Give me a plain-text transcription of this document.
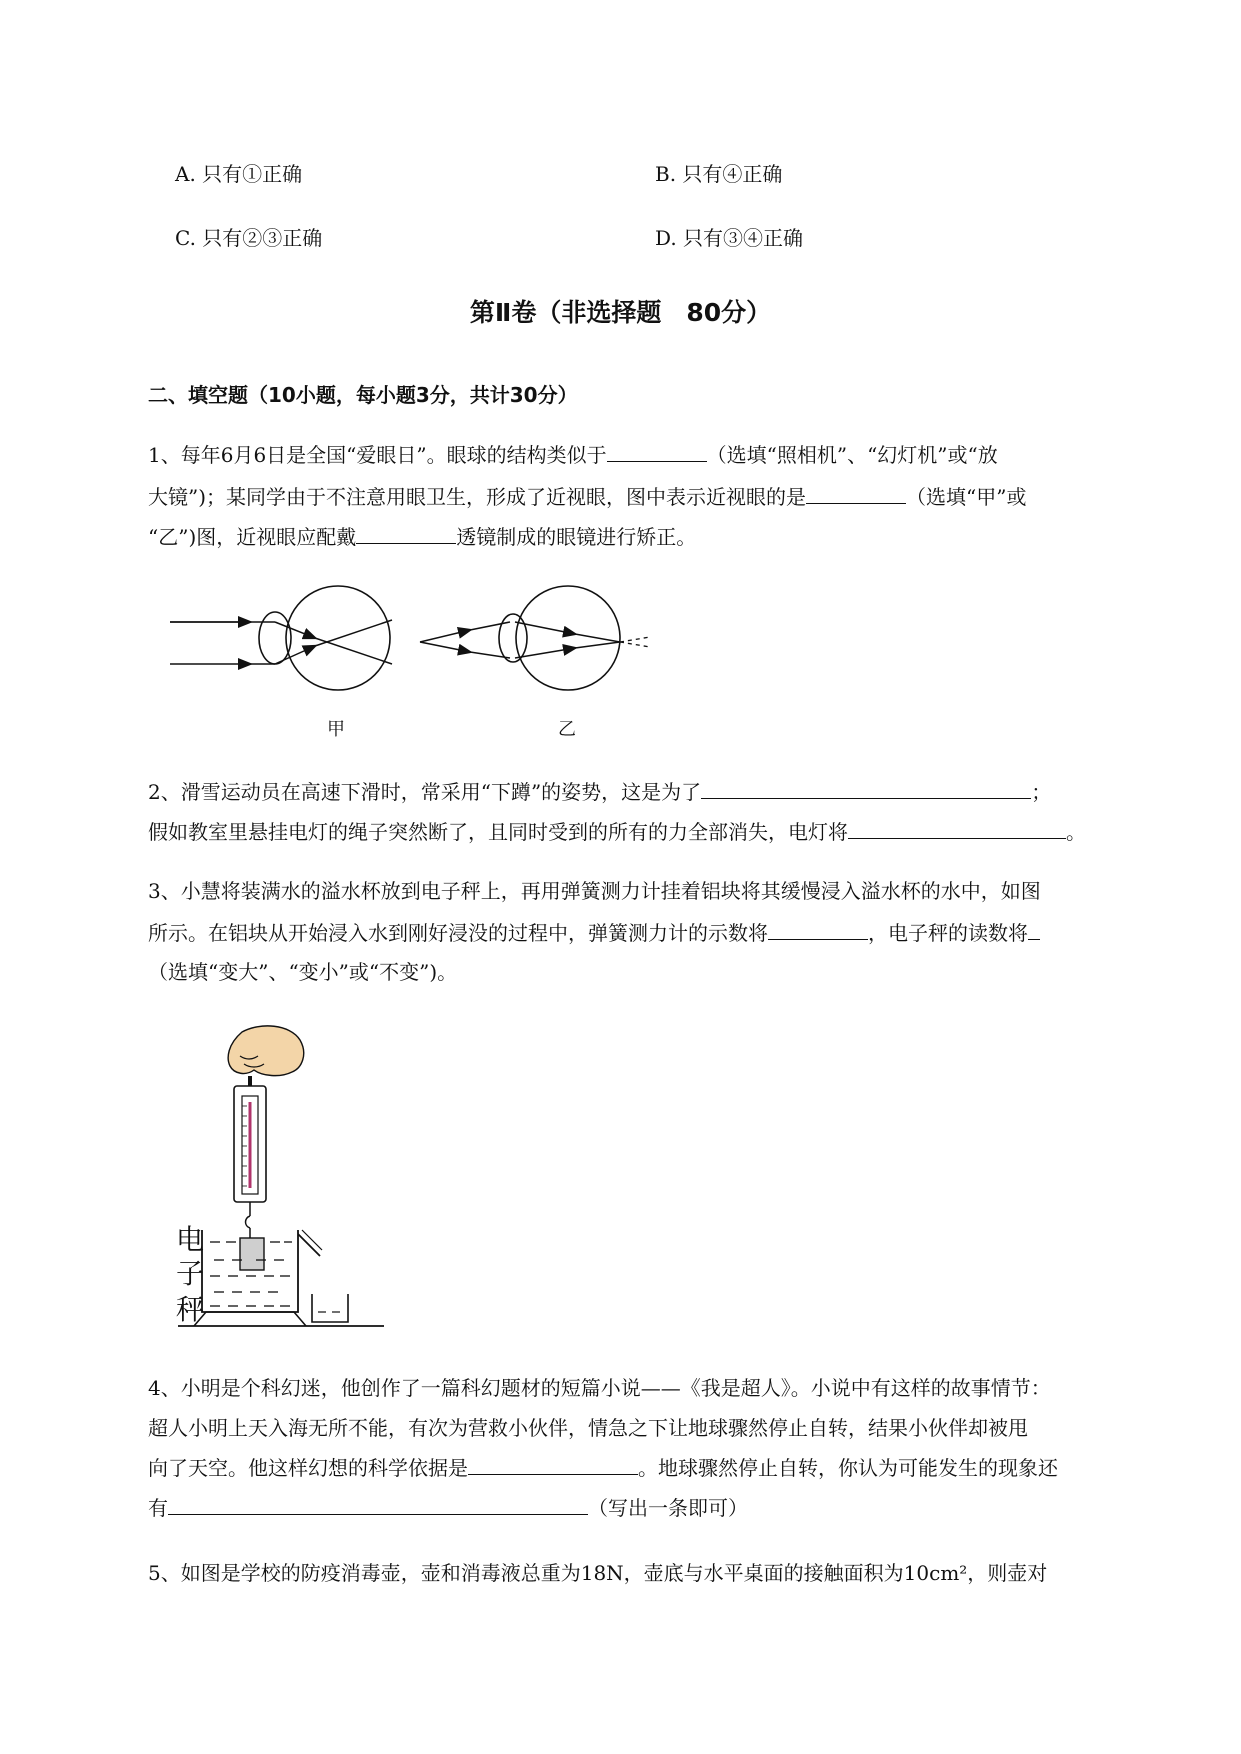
A. 只有①正确	B. 只有④正确
C. 只有②③正确	D. 只有③④正确
第Ⅱ卷（非选择题　80分）
二、填空题（10小题，每小题3分，共计30分）
1、每年6月6日是全国“爱眼日”。眼球的结构类似于	（选填“照相机”、“幻灯机”或“放
大镜”)；某同学由于不注意用眼卫生，形成了近视眼，图中表示近视眼的是	（选填“甲”或
“乙”)图，近视眼应配戴	透镜制成的眼镜进行矫正。
甲	乙
2、滑雪运动员在高速下滑时，常采用“下蹲”的姿势，这是为了	；
假如教室里悬挂电灯的绳子突然断了，且同时受到的所有的力全部消失，电灯将	。
3、小慧将装满水的溢水杯放到电子秤上，再用弹簧测力计挂着铝块将其缓慢浸入溢水杯的水中，如图
所示。在铝块从开始浸入水到刚好浸没的过程中，弹簧测力计的示数将	，电子秤的读数将
（选填“变大”、“变小”或“不变”)。
电
子
秤
4、小明是个科幻迷，他创作了一篇科幻题材的短篇小说——《我是超人》。小说中有这样的故事情节：
超人小明上天入海无所不能，有次为营救小伙伴，情急之下让地球骤然停止自转，结果小伙伴却被甩
向了天空。他这样幻想的科学依据是	。地球骤然停止自转，你认为可能发生的现象还
有	（写出一条即可）
5、如图是学校的防疫消毒壶，壶和消毒液总重为18N，壶底与水平桌面的接触面积为10cm²，则壶对
